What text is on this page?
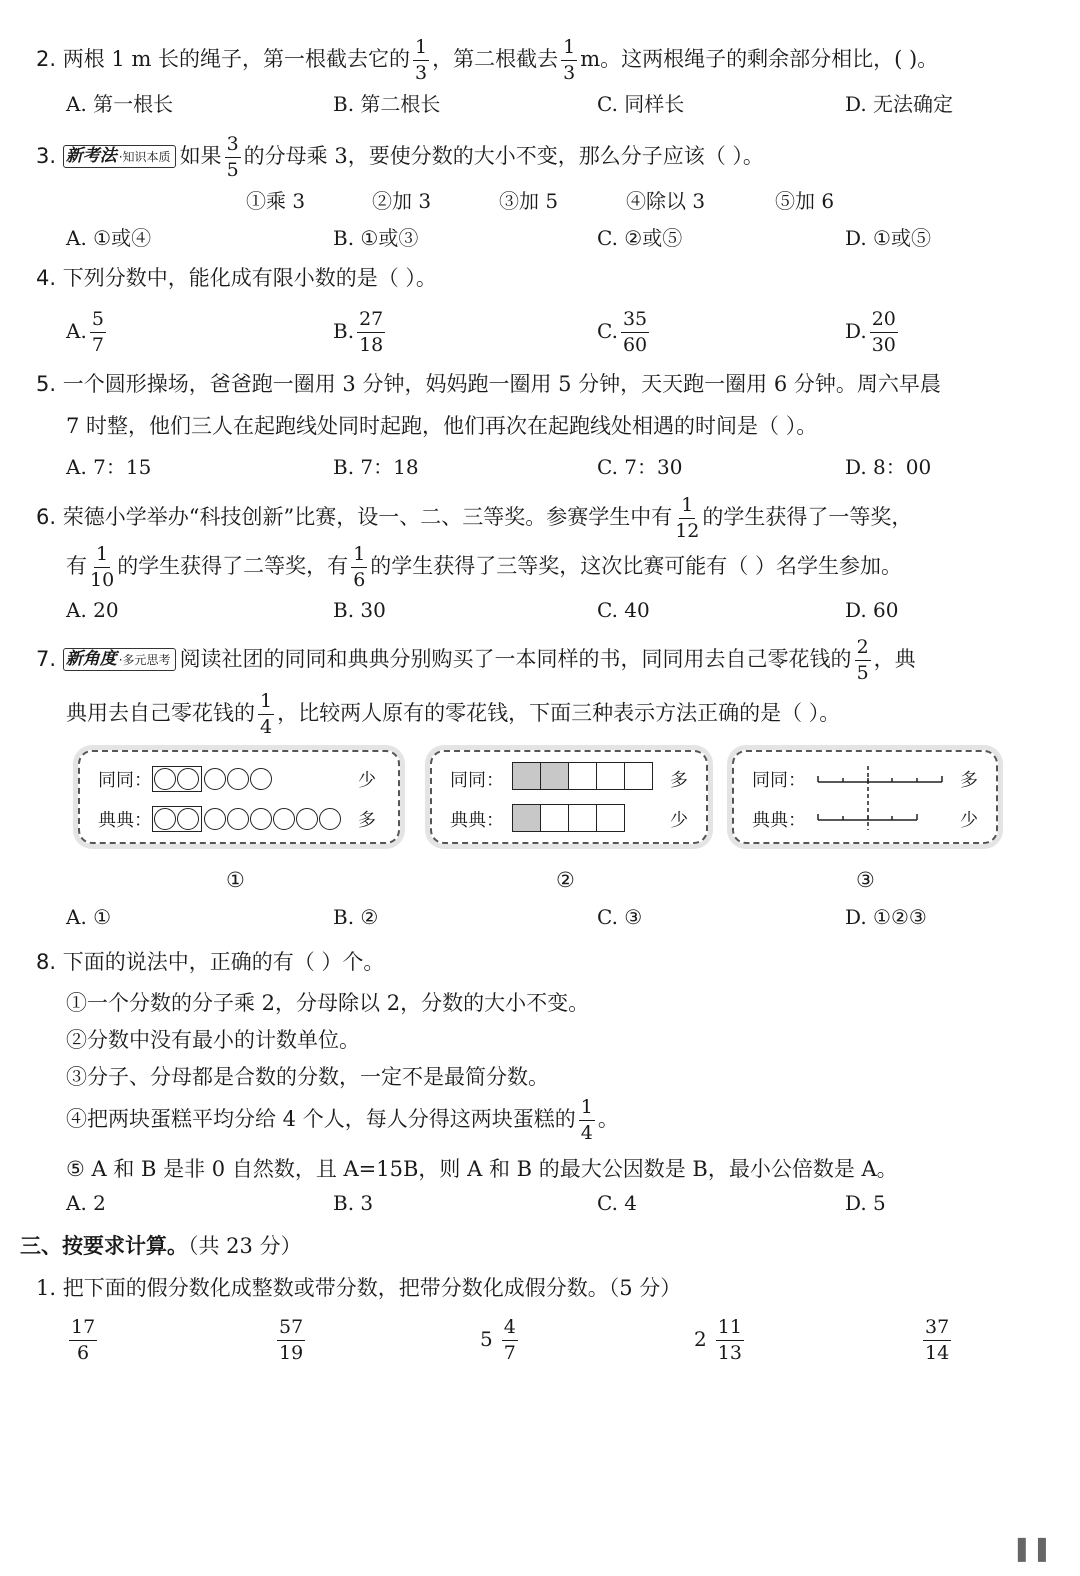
2. 两根 1 m 长的绳子，第一根截去它的 $\frac{1}{3}$ ，第二根截去 $\frac{1}{3}$ m。这两根绳子的剩余部分相比，( )。
A. 第一根长	B. 第二根长	C. 同样长	D. 无法确定
3. 新考法 ·知识本质 如果 $\frac{3}{5}$ 的分母乘 3，要使分数的大小不变，那么分子应该（ ）。
①乘 3	②加 3	③加 5	④除以 3	⑤加 6
A. ①或④	B. ①或③	C. ②或⑤	D. ①或⑤
4. 下列分数中，能化成有限小数的是（ ）。
A. $\frac{5}{7}$	B. $\frac{27}{18}$	C. $\frac{35}{60}$	D. $\frac{20}{30}$
5. 一个圆形操场，爸爸跑一圈用 3 分钟，妈妈跑一圈用 5 分钟，天天跑一圈用 6 分钟。周六早晨
7 时整，他们三人在起跑线处同时起跑，他们再次在起跑线处相遇的时间是（ ）。
A. 7：15	B. 7：18	C. 7：30	D. 8：00
6. 荣德小学举办“科技创新”比赛，设一、二、三等奖。参赛学生中有 $\frac{1}{12}$ 的学生获得了一等奖，
有 $\frac{1}{10}$ 的学生获得了二等奖，有 $\frac{1}{6}$ 的学生获得了三等奖，这次比赛可能有（ ）名学生参加。
A. 20	B. 30	C. 40	D. 60
7. 新角度 ·多元思考 阅读社团的同同和典典分别购买了一本同样的书，同同用去自己零花钱的 $\frac{2}{5}$ ，典
典用去自己零花钱的 $\frac{1}{4}$ ，比较两人原有的零花钱，下面三种表示方法正确的是（ ）。
同同：	少
典典：	多
①
同同：	多
典典：	少
②
同同：	多
典典：	少
③
A. ①	B. ②	C. ③	D. ①②③
8. 下面的说法中，正确的有（ ）个。
①一个分数的分子乘 2，分母除以 2，分数的大小不变。
②分数中没有最小的计数单位。
③分子、分母都是合数的分数，一定不是最简分数。
④把两块蛋糕平均分给 4 个人，每人分得这两块蛋糕的 $\frac{1}{4}$ 。
⑤ A 和 B 是非 0 自然数，且 A=15B，则 A 和 B 的最大公因数是 B，最小公倍数是 A。
A. 2	B. 3	C. 4	D. 5
三、按要求计算。（共 23 分）
1. 把下面的假分数化成整数或带分数，把带分数化成假分数。（5 分）
$\frac{17}{6}$	$\frac{57}{19}$	$5 \frac{4}{7}$	$2 \frac{11}{13}$	$\frac{37}{14}$
❚❚
